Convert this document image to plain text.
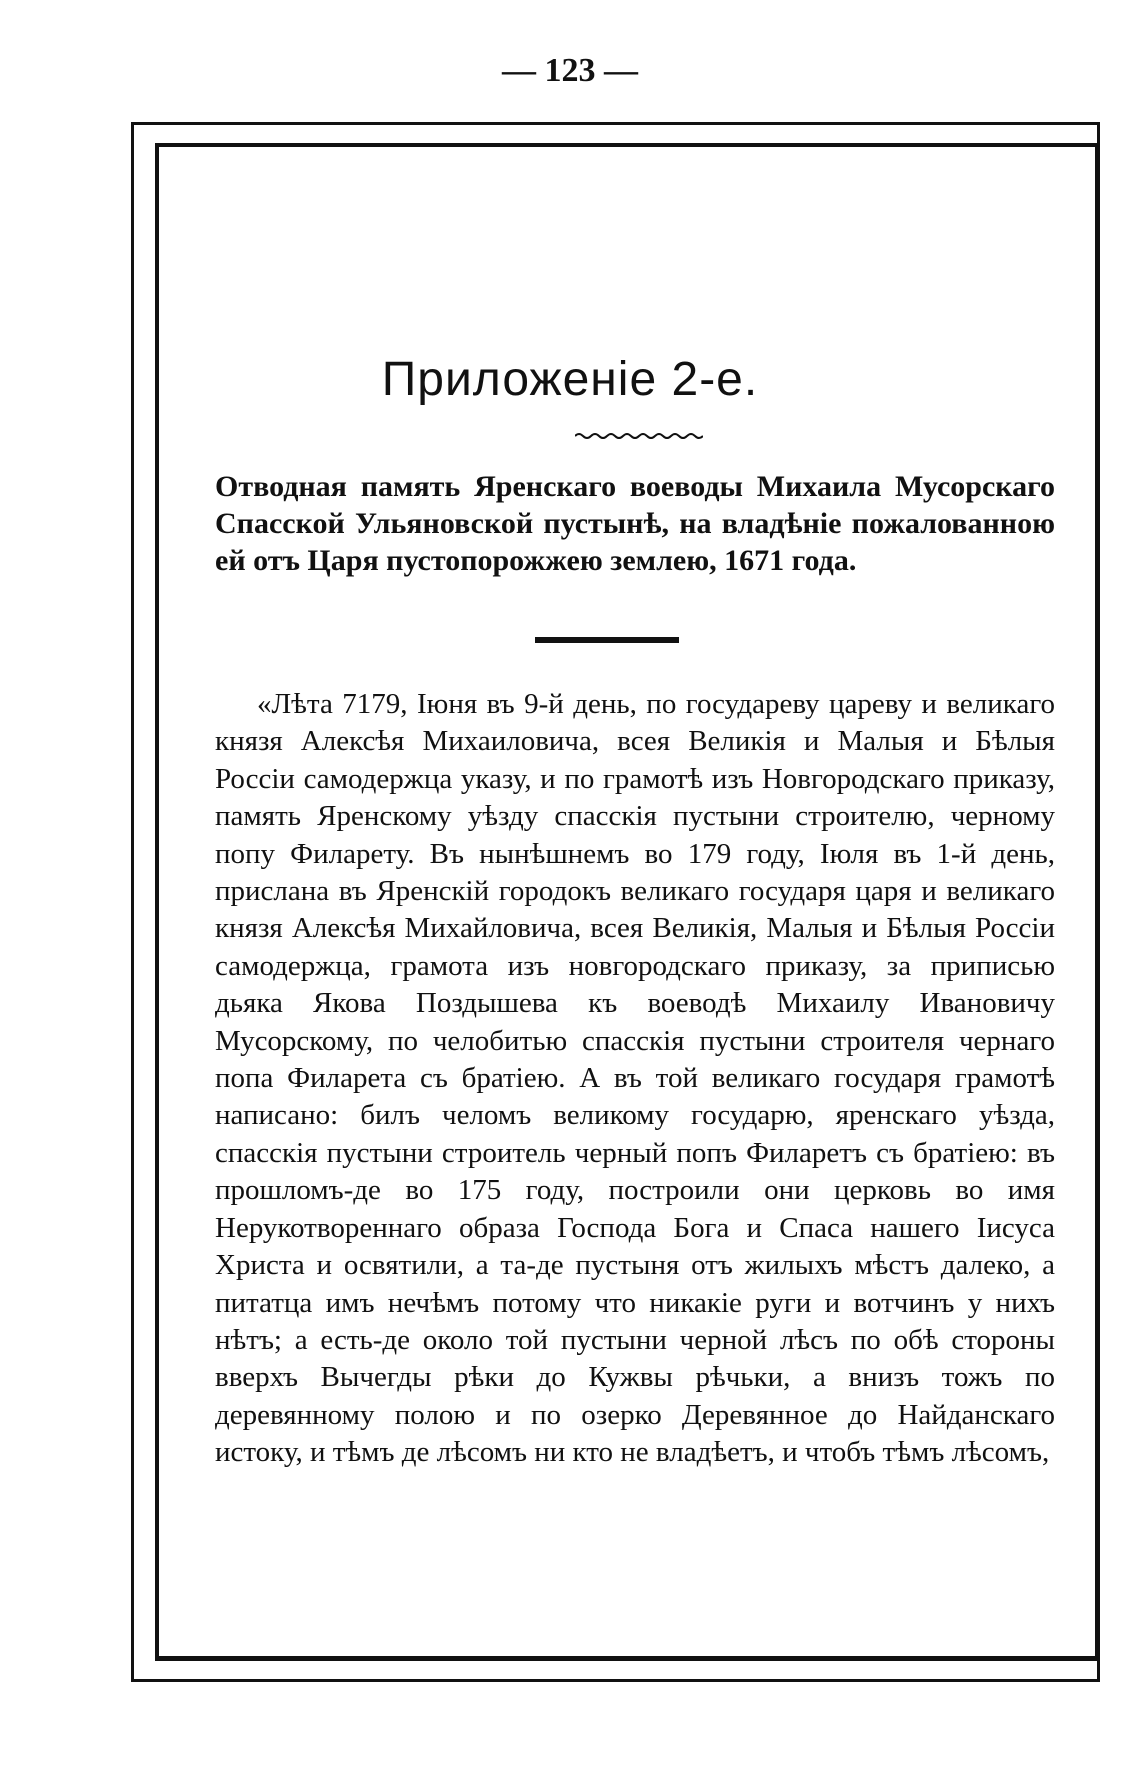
— 123 —
Приложеніе 2-е.
Отводная память Яренскаго воеводы Михаила Мусорскаго Спасской Ульяновской пустынѣ, на владѣніе пожалованною ей отъ Царя пустопорожжею землею, 1671 года.
«Лѣта 7179, Іюня въ 9-й день, по государеву цареву и великаго князя Алексѣя Михаиловича, всея Великія и Малыя и Бѣлыя Россіи самодержца указу, и по грамотѣ изъ Новгородскаго приказу, память Яренскому уѣзду спасскія пустыни строителю, черному попу Филарету. Въ нынѣшнемъ во 179 году, Іюля въ 1-й день, прислана въ Яренскій городокъ великаго государя царя и великаго князя Алексѣя Михайловича, всея Великія, Малыя и Бѣлыя Россіи самодержца, грамота изъ новгородскаго приказу, за приписью дьяка Якова Поздышева къ воеводѣ Михаилу Ивановичу Мусорскому, по челобитью спасскія пустыни строителя чернаго попа Филарета съ братіею. А въ той великаго государя грамотѣ написано: билъ челомъ великому государю, яренскаго уѣзда, спасскія пустыни строитель черный попъ Филаретъ съ братіею: въ прошломъ-де во 175 году, построили они церковь во имя Нерукотвореннаго образа Господа Бога и Спаса нашего Іисуса Христа и освятили, а та-де пустыня отъ жилыхъ мѣстъ далеко, а питатца имъ нечѣмъ потому что никакіе руги и вотчинъ у нихъ нѣтъ; а есть-де около той пустыни черной лѣсъ по обѣ стороны вверхъ Вычегды рѣки до Кужвы рѣчьки, а внизъ тожъ по деревянному полою и по озерко Деревянное до Найданскаго истоку, и тѣмъ де лѣсомъ ни кто не владѣетъ, и чтобъ тѣмъ лѣсомъ,
